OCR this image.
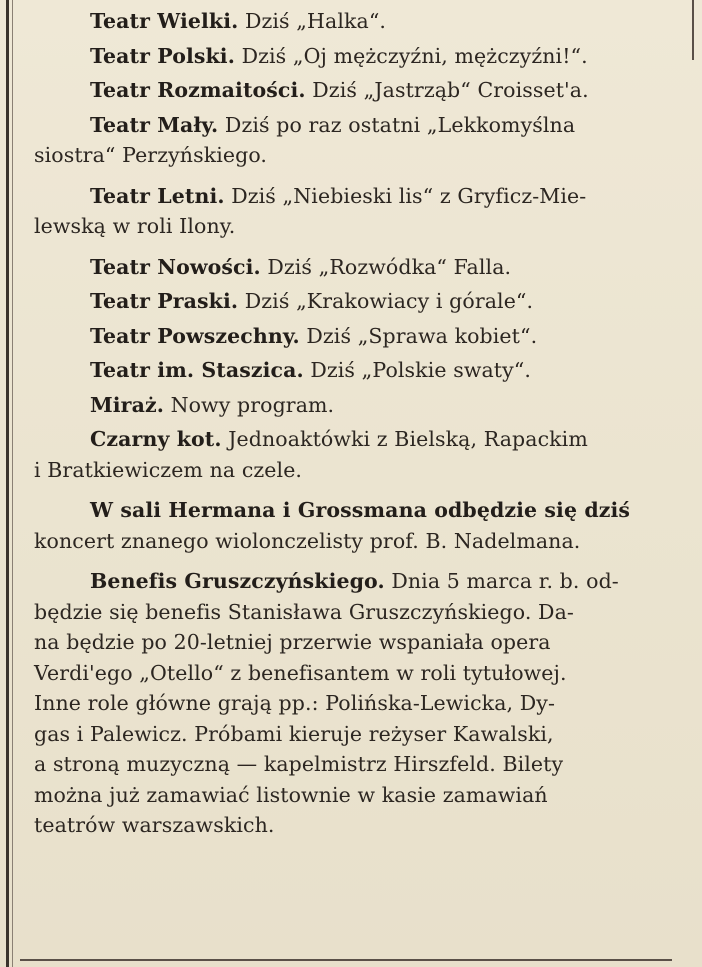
Teatr Wielki. Dziś „Halka“.
Teatr Polski. Dziś „Oj mężczyźni, mężczyźni!“.
Teatr Rozmaitości. Dziś „Jastrząb“ Croisset'a.
Teatr Mały. Dziś po raz ostatni „Lekkomyślna
siostra“ Perzyńskiego.
Teatr Letni. Dziś „Niebieski lis“ z Gryficz-Mie-
lewską w roli Ilony.
Teatr Nowości. Dziś „Rozwódka“ Falla.
Teatr Praski. Dziś „Krakowiacy i górale“.
Teatr Powszechny. Dziś „Sprawa kobiet“.
Teatr im. Staszica. Dziś „Polskie swaty“.
Miraż. Nowy program.
Czarny kot. Jednoaktówki z Bielską, Rapackim
i Bratkiewiczem na czele.
W sali Hermana i Grossmana odbędzie się dziś
koncert znanego wiolonczelisty prof. B. Nadelmana.
Benefis Gruszczyńskiego. Dnia 5 marca r. b. od-
będzie się benefis Stanisława Gruszczyńskiego. Da-
na będzie po 20-letniej przerwie wspaniała opera
Verdi'ego „Otello“ z benefisantem w roli tytułowej.
Inne role główne grają pp.: Polińska-Lewicka, Dy-
gas i Palewicz. Próbami kieruje reżyser Kawalski,
a stroną muzyczną — kapelmistrz Hirszfeld. Bilety
można już zamawiać listownie w kasie zamawiań
teatrów warszawskich.
